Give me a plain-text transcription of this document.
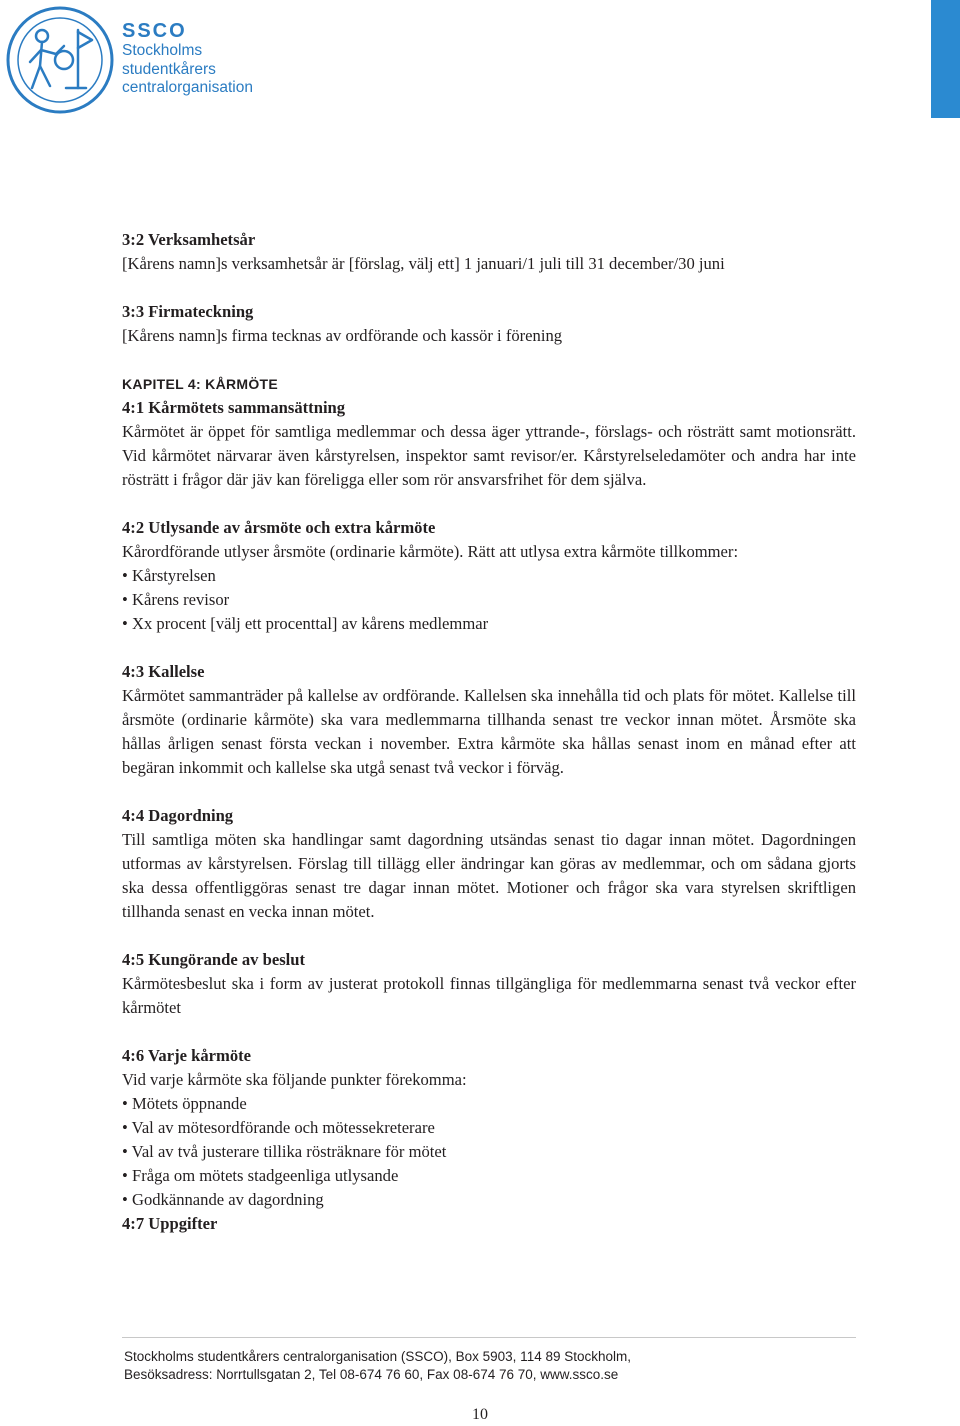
SSCO
Stockholms
studentkårers
centralorganisation
3:2 Verksamhetsår
[Kårens namn]s verksamhetsår är [förslag, välj ett] 1 januari/1 juli till 31 december/30 juni
3:3 Firmateckning
[Kårens namn]s firma tecknas av ordförande och kassör i förening
KAPITEL 4: KÅRMÖTE
4:1 Kårmötets sammansättning
Kårmötet är öppet för samtliga medlemmar och dessa äger yttrande-, förslags- och rösträtt samt motionsrätt. Vid kårmötet närvarar även kårstyrelsen, inspektor samt revisor/er. Kårstyrelseledamöter och andra har inte rösträtt i frågor där jäv kan föreligga eller som rör ansvarsfrihet för dem själva.
4:2 Utlysande av årsmöte och extra kårmöte
Kårordförande utlyser årsmöte (ordinarie kårmöte). Rätt att utlysa extra kårmöte tillkommer:
• Kårstyrelsen
• Kårens revisor
• Xx procent [välj ett procenttal] av kårens medlemmar
4:3 Kallelse
Kårmötet sammanträder på kallelse av ordförande. Kallelsen ska innehålla tid och plats för mötet. Kallelse till årsmöte (ordinarie kårmöte) ska vara medlemmarna tillhanda senast tre veckor innan mötet. Årsmöte ska hållas årligen senast första veckan i november. Extra kårmöte ska hållas senast inom en månad efter att begäran inkommit och kallelse ska utgå senast två veckor i förväg.
4:4 Dagordning
Till samtliga möten ska handlingar samt dagordning utsändas senast tio dagar innan mötet. Dagordningen utformas av kårstyrelsen. Förslag till tillägg eller ändringar kan göras av medlemmar, och om sådana gjorts ska dessa offentliggöras senast tre dagar innan mötet. Motioner och frågor ska vara styrelsen skriftligen tillhanda senast en vecka innan mötet.
4:5 Kungörande av beslut
Kårmötesbeslut ska i form av justerat protokoll finnas tillgängliga för medlemmarna senast två veckor efter kårmötet
4:6 Varje kårmöte
Vid varje kårmöte ska följande punkter förekomma:
• Mötets öppnande
• Val av mötesordförande och mötessekreterare
• Val av två justerare tillika rösträknare för mötet
• Fråga om mötets stadgeenliga utlysande
• Godkännande av dagordning
4:7 Uppgifter
Stockholms studentkårers centralorganisation (SSCO), Box 5903, 114 89 Stockholm,
Besöksadress: Norrtullsgatan 2, Tel 08-674 76 60, Fax 08-674 76 70, www.ssco.se
10
